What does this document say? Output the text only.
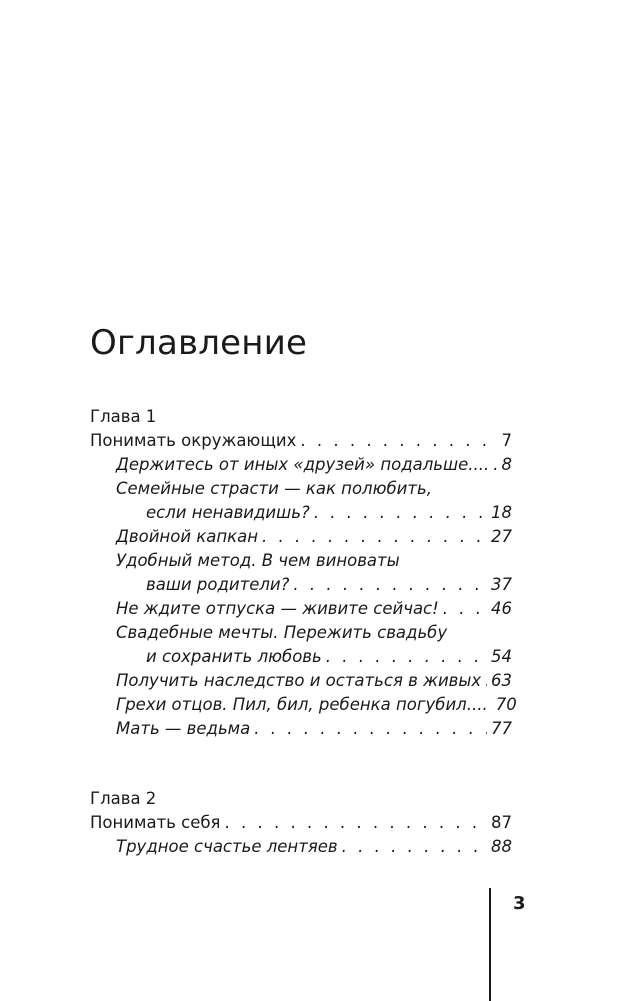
Оглавление
Глава 1
Понимать окружающих . . .	7
Держитесь от иных «друзей» подальше.... . . . 8
Семейные страсти — как полюбить,
если ненавидишь? . . .	18
Двойной капкан . . .	27
Удобный метод. В чем виноваты
ваши родители? . . .	37
Не ждите отпуска — живите сейчас! . . .	46
Свадебные мечты. Пережить свадьбу
и сохранить любовь . . .	54
Получить наследство и остаться в живых . . . 63
Грехи отцов. Пил, бил, ребенка погубил.... 70
Мать — ведьма . . .	77
Глава 2
Понимать себя . . .	87
Трудное счастье лентяев . . .	88
3
